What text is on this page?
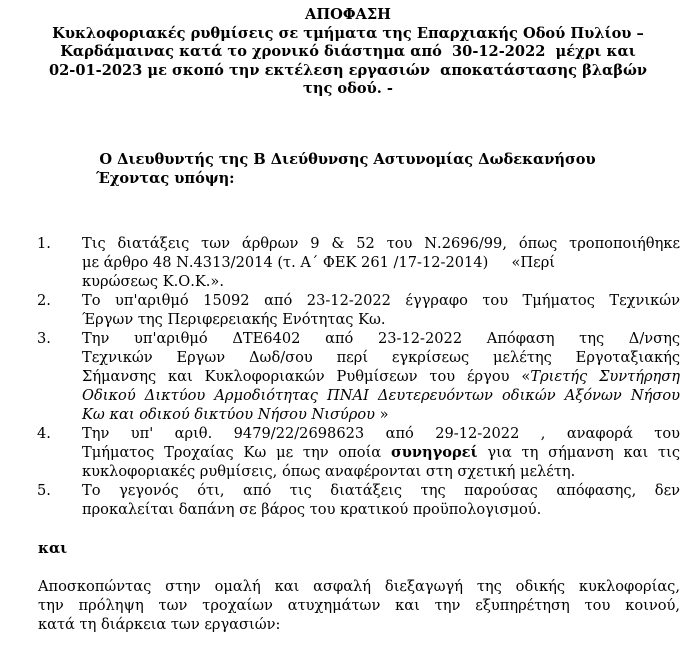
ΑΠΟΦΑΣΗ
Κυκλοφοριακές ρυθμίσεις σε τμήματα της Επαρχιακής Οδού Πυλίου –
Καρδάμαινας κατά το χρονικό διάστημα από  30-12-2022  μέχρι και
02-01-2023 με σκοπό την εκτέλεση εργασιών  αποκατάστασης βλαβών
της οδού. -
Ο Διευθυντής της Β Διεύθυνσης Αστυνομίας Δωδεκανήσου
Έχοντας υπόψη:
1. Τις διατάξεις των άρθρων 9 & 52 του Ν.2696/99, όπως τροποποιήθηκε
με άρθρο 48 Ν.4313/2014 (τ. Α΄ ΦΕΚ 261 /17-12-2014)     «Περί
κυρώσεως Κ.Ο.Κ.».
2. Το υπ'αριθμό 15092 από 23-12-2022 έγγραφο του Τμήματος Τεχνικών
Έργων της Περιφερειακής Ενότητας Κω.
3. Την υπ'αριθμό ΔΤΕ6402 από 23-12-2022 Απόφαση της Δ/νσης
Τεχνικών Εργων Δωδ/σου περί εγκρίσεως μελέτης Εργοταξιακής
Σήμανσης και Κυκλοφοριακών Ρυθμίσεων του έργου «Τριετής Συντήρηση
Οδικού Δικτύου Αρμοδιότητας ΠΝΑΙ Δευτερευόντων οδικών Αξόνων Νήσου
Κω και οδικού δικτύου Νήσου Νισύρου »
4. Την υπ' αριθ. 9479/22/2698623 από 29-12-2022 , αναφορά του
Τμήματος Τροχαίας Κω με την οποία συνηγορεί για τη σήμανση και τις
κυκλοφοριακές ρυθμίσεις, όπως αναφέρονται στη σχετική μελέτη.
5. Το γεγονός ότι, από τις διατάξεις της παρούσας απόφασης, δεν
προκαλείται δαπάνη σε βάρος του κρατικού προϋπολογισμού.
και
Αποσκοπώντας στην ομαλή και ασφαλή διεξαγωγή της οδικής κυκλοφορίας,
την πρόληψη των τροχαίων ατυχημάτων και την εξυπηρέτηση του κοινού,
κατά τη διάρκεια των εργασιών:
